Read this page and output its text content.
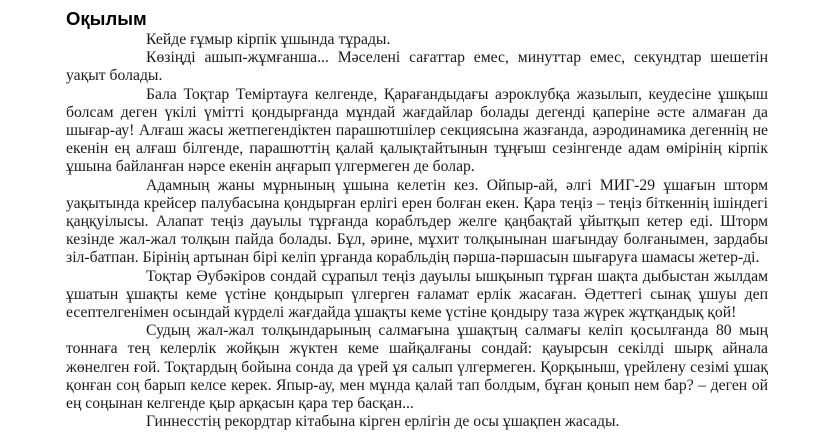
Оқылым

Кейде ғұмыр кірпік ұшында тұрады.

Көзіңді ашып-жұмғанша... Мәселені сағаттар емес, минуттар емес, секундтар шешетін уақыт болады.

Бала Тоқтар Теміртауға келгенде, Қарағандыдағы аэроклубқа жазылып, кеудесіне ұшқыш болсам деген үкілі үмітті қондырғанда мұндай жағдайлар болады дегенді қаперіне әсте алмаған да шығар-ау! Алғаш жасы жетпегендіктен парашютшілер секциясына жазғанда, аэродинамика дегеннің не екенін ең алғаш білгенде, парашюттің қалай қалықтайтынын тұңғыш сезінгенде адам өмірінің кірпік ұшына байланған нәрсе екенін аңғарып үлгермеген де болар.

Адамның жаны мұрнының ұшына келетін кез. Ойпыр-ай, әлгі МИГ-29 ұшағын шторм уақытында крейсер палубасына қондырған ерлігі ерен болған екен. Қара теңіз – теңіз біткеннің ішіндегі қаңқуілысы. Алапат теңіз дауылы тұрғанда кораблъдер желге қаңбақтай ұйытқып кетер еді. Шторм кезінде жал-жал толқын пайда болады. Бұл, әрине, мұхит толқынынан шағындау болғанымен, зардабы зіл-батпан. Бірінің артынан бірі келіп ұрғанда корабльдің пәрша-пәршасын шығаруға шамасы жетер-ді.

Тоқтар Әубәкіров сондай сұрапыл теңіз дауылы ышқынып тұрған шақта дыбыстан жылдам ұшатын ұшақты кеме үстіне қондырып үлгерген ғаламат ерлік жасаған. Әдеттегі сынақ ұшуы деп есептелгенімен осындай күрделі жағдайда ұшақты кеме үстіне қондыру таза жүрек жұтқандық қой!

Судың жал-жал толқындарының салмағына ұшақтың салмағы келіп қосылғанда 80 мың тоннаға тең келерлік жойқын жүктен кеме шайқалғаны сондай: қауырсын секілді шырқ айнала жөнелген ғой. Тоқтардың бойына сонда да үрей ұя салып үлгермеген. Қорқыныш, үрейлену сезімі ұшақ қонған соң барып келсе керек. Япыр-ау, мен мұнда қалай тап болдым, бұған қонып нем бар? – деген ой ең соңынан келгенде қыр арқасын қара тер басқан...

Гиннесстің рекордтар кітабына кірген ерлігін де осы ұшақпен жасады.
